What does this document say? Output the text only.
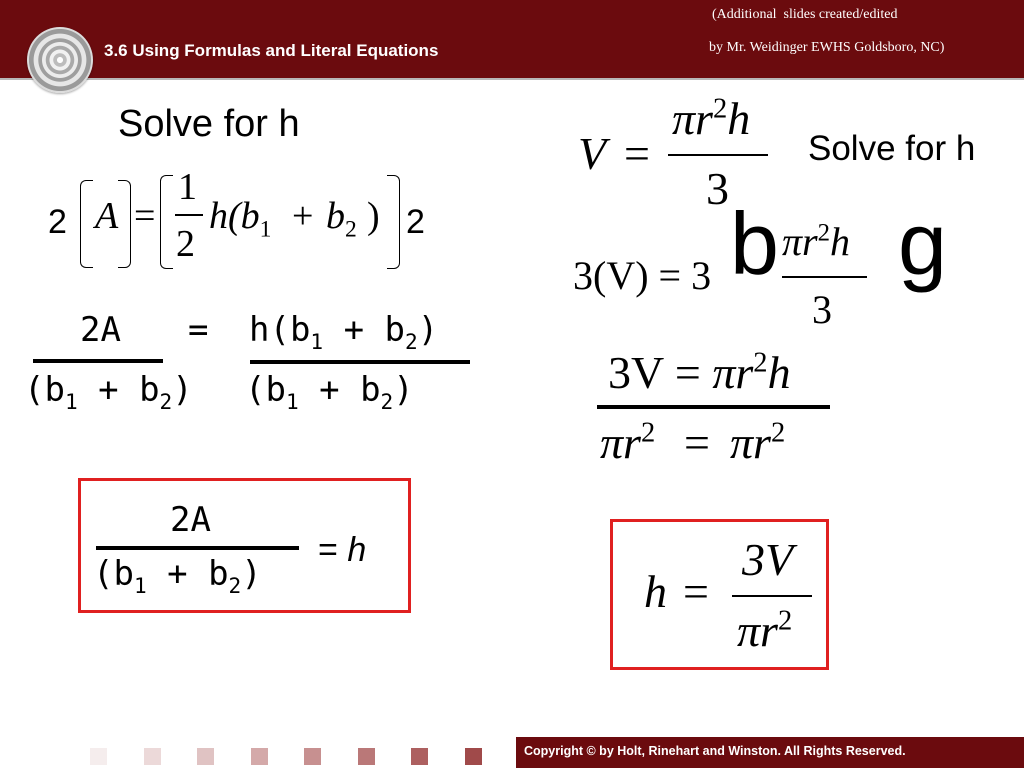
3.6 Using Formulas and Literal Equations
(Additional  slides created/edited
by Mr. Weidinger EWHS Goldsboro, NC)
Solve for h
2 A =
1
2
$h(b_1 + b_2$ ) 2
$2A = h(b_1 + b_2)$
$(b_1 + b_2) (b_1 + b_2)$
2A
$(b_1 + b_2)$
= h
Solve for h
V =
$\pi r^2h$
3
3(V) = 3 b $\pi r^2h$
3
g
$3V = \pi r^2h$
$\pi r^2 = \pi r^2$
h =
3V
$\pi r^2$
Copyright © by Holt, Rinehart and Winston. All Rights Reserved.
